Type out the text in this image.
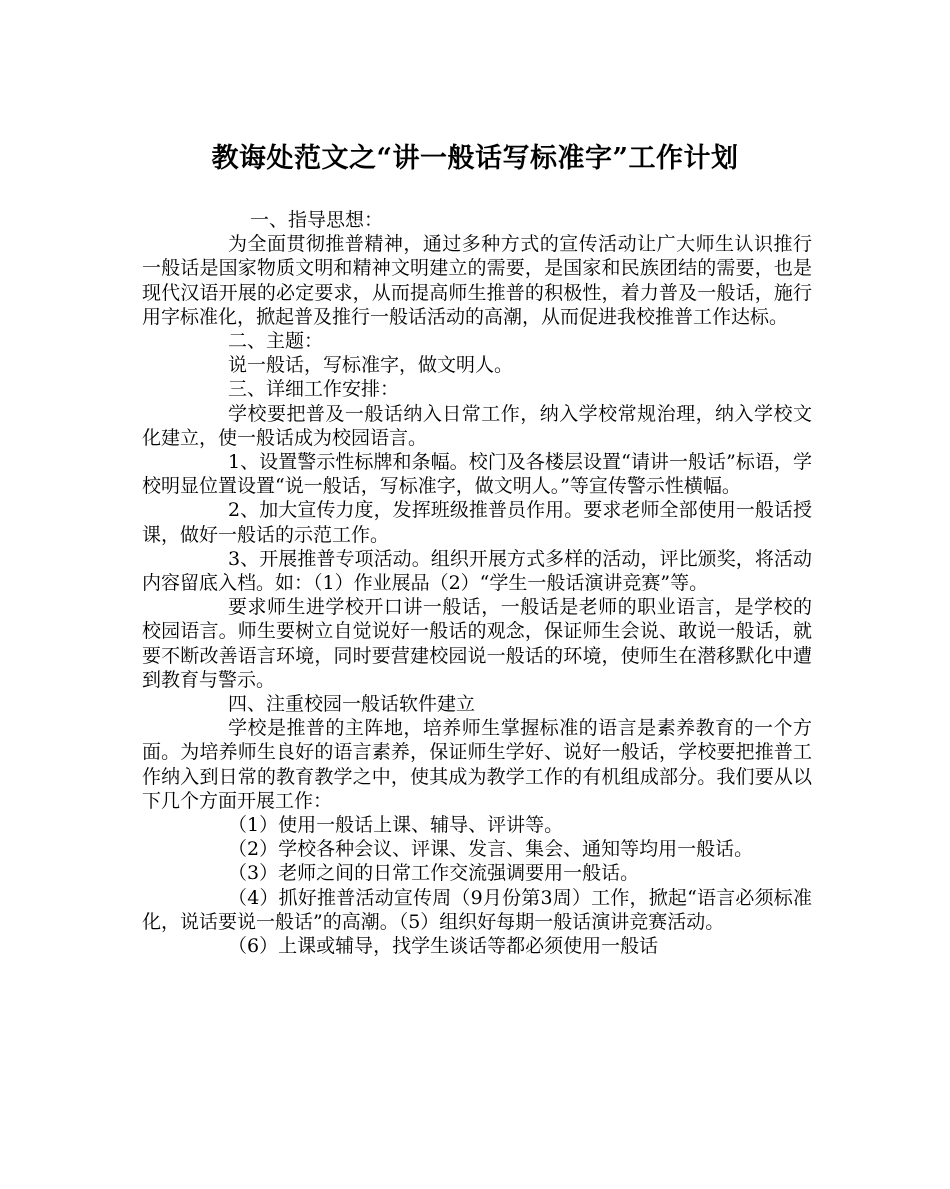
教诲处范文之“讲一般话写标准字”工作计划

一、指导思想：

为全面贯彻推普精神，通过多种方式的宣传活动让广大师生认识推行一般话是国家物质文明和精神文明建立的需要，是国家和民族团结的需要，也是现代汉语开展的必定要求，从而提高师生推普的积极性，着力普及一般话，施行用字标准化，掀起普及推行一般话活动的高潮，从而促进我校推普工作达标。

二、主题：

说一般话，写标准字，做文明人。

三、详细工作安排：

学校要把普及一般话纳入日常工作，纳入学校常规治理，纳入学校文化建立，使一般话成为校园语言。

1、设置警示性标牌和条幅。校门及各楼层设置“请讲一般话”标语，学校明显位置设置“说一般话，写标准字，做文明人。”等宣传警示性横幅。

2、加大宣传力度，发挥班级推普员作用。要求老师全部使用一般话授课，做好一般话的示范工作。

3、开展推普专项活动。组织开展方式多样的活动，评比颁奖，将活动内容留底入档。如：（1）作业展品（2）“学生一般话演讲竞赛”等。

要求师生进学校开口讲一般话，一般话是老师的职业语言，是学校的校园语言。师生要树立自觉说好一般话的观念，保证师生会说、敢说一般话，就要不断改善语言环境，同时要营建校园说一般话的环境，使师生在潜移默化中遭到教育与警示。

四、注重校园一般话软件建立

学校是推普的主阵地，培养师生掌握标准的语言是素养教育的一个方面。为培养师生良好的语言素养，保证师生学好、说好一般话，学校要把推普工作纳入到日常的教育教学之中，使其成为教学工作的有机组成部分。我们要从以下几个方面开展工作：

（1）使用一般话上课、辅导、评讲等。

（2）学校各种会议、评课、发言、集会、通知等均用一般话。

（3）老师之间的日常工作交流强调要用一般话。

（4）抓好推普活动宣传周（9月份第3周）工作，掀起“语言必须标准化，说话要说一般话”的高潮。（5）组织好每期一般话演讲竞赛活动。

（6）上课或辅导，找学生谈话等都必须使用一般话
